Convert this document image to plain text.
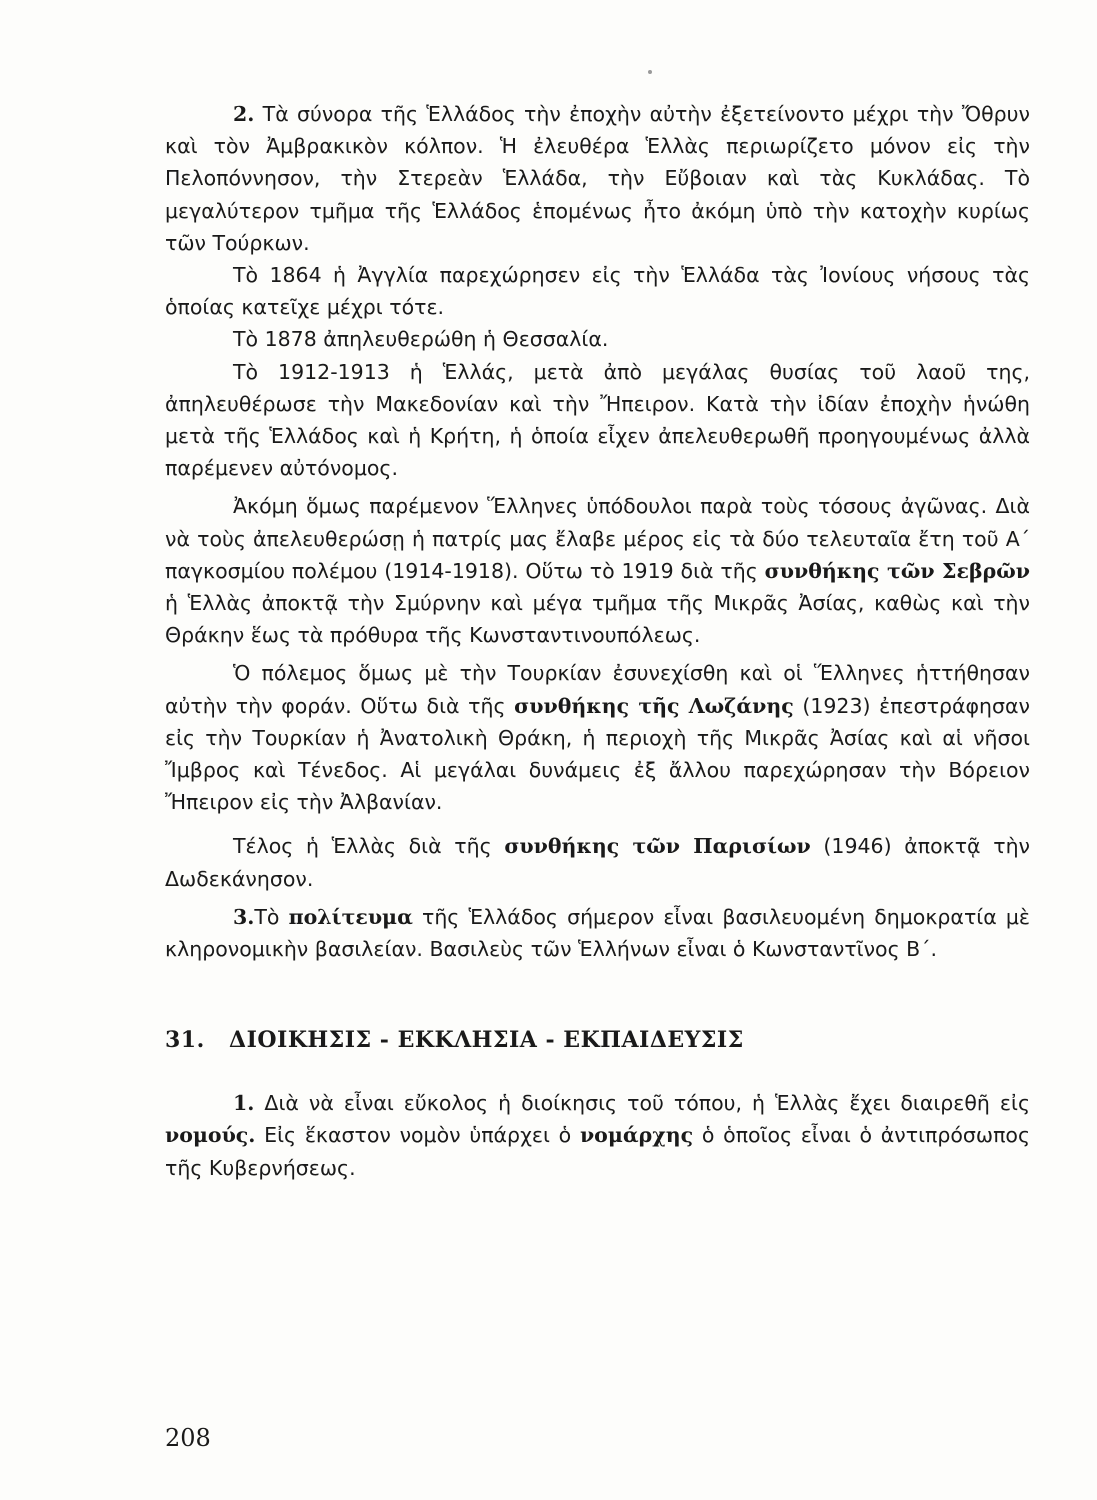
2. Τὰ σύνορα τῆς Ἑλλάδος τὴν ἐποχὴν αὐτὴν ἐξετείνοντο μέχρι τὴν Ὄθρυν καὶ τὸν Ἀμβρακικὸν κόλπον. Ἡ ἐλευθέρα Ἑλλὰς περιωρίζετο μόνον εἰς τὴν Πελοπόννησον, τὴν Στερεὰν Ἑλλάδα, τὴν Εὔβοιαν καὶ τὰς Κυκλάδας. Τὸ μεγαλύτερον τμῆμα τῆς Ἑλλάδος ἑπομένως ἦτο ἀκόμη ὑπὸ τὴν κατοχὴν κυρίως τῶν Τούρκων.

Τὸ 1864 ἡ Ἀγγλία παρεχώρησεν εἰς τὴν Ἑλλάδα τὰς Ἰονίους νήσους τὰς ὁποίας κατεῖχε μέχρι τότε.

Τὸ 1878 ἀπηλευθερώθη ἡ Θεσσαλία.

Τὸ 1912-1913 ἡ Ἑλλάς, μετὰ ἀπὸ μεγάλας θυσίας τοῦ λαοῦ της, ἀπηλευθέρωσε τὴν Μακεδονίαν καὶ τὴν Ἤπειρον. Κατὰ τὴν ἰδίαν ἐποχὴν ἡνώθη μετὰ τῆς Ἑλλάδος καὶ ἡ Κρήτη, ἡ ὁποία εἶχεν ἀπελευθερωθῆ προηγουμένως ἀλλὰ παρέμενεν αὐτόνομος.

Ἀκόμη ὅμως παρέμενον Ἕλληνες ὑπόδουλοι παρὰ τοὺς τόσους ἀγῶνας. Διὰ νὰ τοὺς ἀπελευθερώσῃ ἡ πατρίς μας ἔλαβε μέρος εἰς τὰ δύο τελευταῖα ἔτη τοῦ Α΄ παγκοσμίου πολέμου (1914-1918). Οὕτω τὸ 1919 διὰ τῆς συνθήκης τῶν Σεβρῶν ἡ Ἑλλὰς ἀποκτᾷ τὴν Σμύρνην καὶ μέγα τμῆμα τῆς Μικρᾶς Ἀσίας, καθὼς καὶ τὴν Θράκην ἕως τὰ πρόθυρα τῆς Κωνσταντινουπόλεως.

Ὁ πόλεμος ὅμως μὲ τὴν Τουρκίαν ἐσυνεχίσθη καὶ οἱ Ἕλληνες ἡττήθησαν αὐτὴν τὴν φοράν. Οὕτω διὰ τῆς συνθήκης τῆς Λωζάνης (1923) ἐπεστράφησαν εἰς τὴν Τουρκίαν ἡ Ἀνατολικὴ Θράκη, ἡ περιοχὴ τῆς Μικρᾶς Ἀσίας καὶ αἱ νῆσοι Ἴμβρος καὶ Τένεδος. Αἱ μεγάλαι δυνάμεις ἐξ ἄλλου παρεχώρησαν τὴν Βόρειον Ἤπειρον εἰς τὴν Ἀλβανίαν.

Τέλος ἡ Ἑλλὰς διὰ τῆς συνθήκης τῶν Παρισίων (1946) ἀποκτᾷ τὴν Δωδεκάνησον.

3.Τὸ πολίτευμα τῆς Ἑλλάδος σήμερον εἶναι βασιλευομένη δημοκρατία μὲ κληρονομικὴν βασιλείαν. Βασιλεὺς τῶν Ἑλλήνων εἶναι ὁ Κωνσταντῖνος Β΄.

31. ΔΙΟΙΚΗΣΙΣ - ΕΚΚΛΗΣΙΑ - ΕΚΠΑΙΔΕΥΣΙΣ

1. Διὰ νὰ εἶναι εὔκολος ἡ διοίκησις τοῦ τόπου, ἡ Ἑλλὰς ἔχει διαιρεθῆ εἰς νομούς. Εἰς ἕκαστον νομὸν ὑπάρχει ὁ νομάρχης ὁ ὁποῖος εἶναι ὁ ἀντιπρόσωπος τῆς Κυβερνήσεως.

208
